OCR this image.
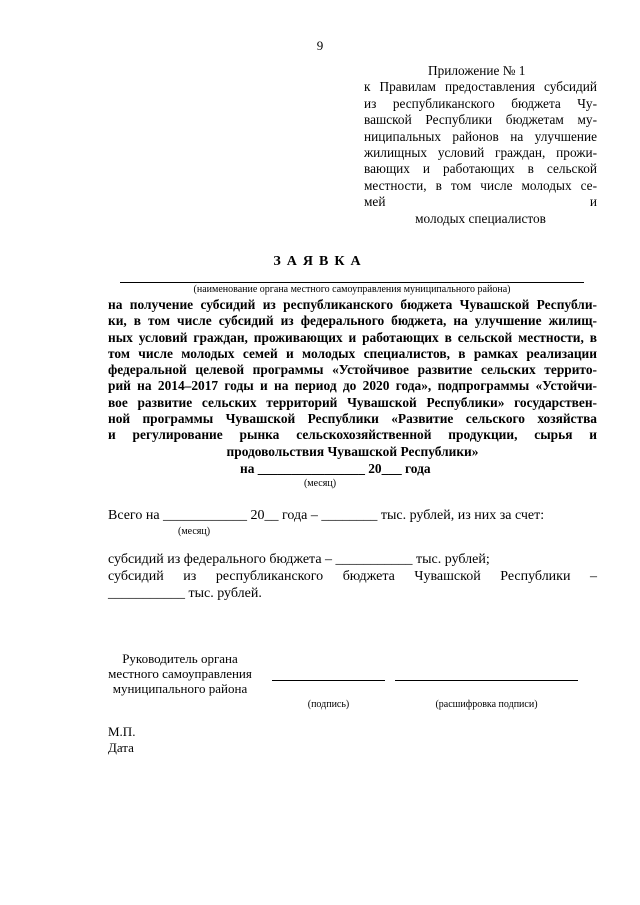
9
Приложение № 1
к Правилам предоставления субсидий
из республиканского бюджета Чу-
вашской Республики бюджетам му-
ниципальных районов на улучшение
жилищных условий граждан, прожи-
вающих и работающих в сельской
местности, в том числе молодых се-
мей и
молодых специалистов
ЗАЯВКА
(наименование органа местного самоуправления муниципального района)
на получение субсидий из республиканского бюджета Чувашской Республи-
ки, в том числе субсидий из федерального бюджета, на улучшение жилищ-
ных условий граждан, проживающих и работающих в сельской местности, в
том числе молодых семей и молодых специалистов, в рамках реализации
федеральной целевой программы «Устойчивое развитие сельских террито-
рий на 2014–2017 годы и на период до 2020 года», подпрограммы «Устойчи-
вое развитие сельских территорий Чувашской Республики» государствен-
ной программы Чувашской Республики «Развитие сельского хозяйства
и регулирование рынка сельскохозяйственной продукции, сырья и
продовольствия Чувашской Республики»
на ________________ 20___ года
(месяц)
Всего на ____________ 20__ года – ________ тыс. рублей, из них за счет:
(месяц)
субсидий из федерального бюджета – ___________ тыс. рублей;
субсидий из республиканского бюджета Чувашской Республики –
___________ тыс. рублей.
Руководитель органа
местного самоуправления
муниципального района
(подпись)	(расшифровка подписи)
М.П.
Дата
